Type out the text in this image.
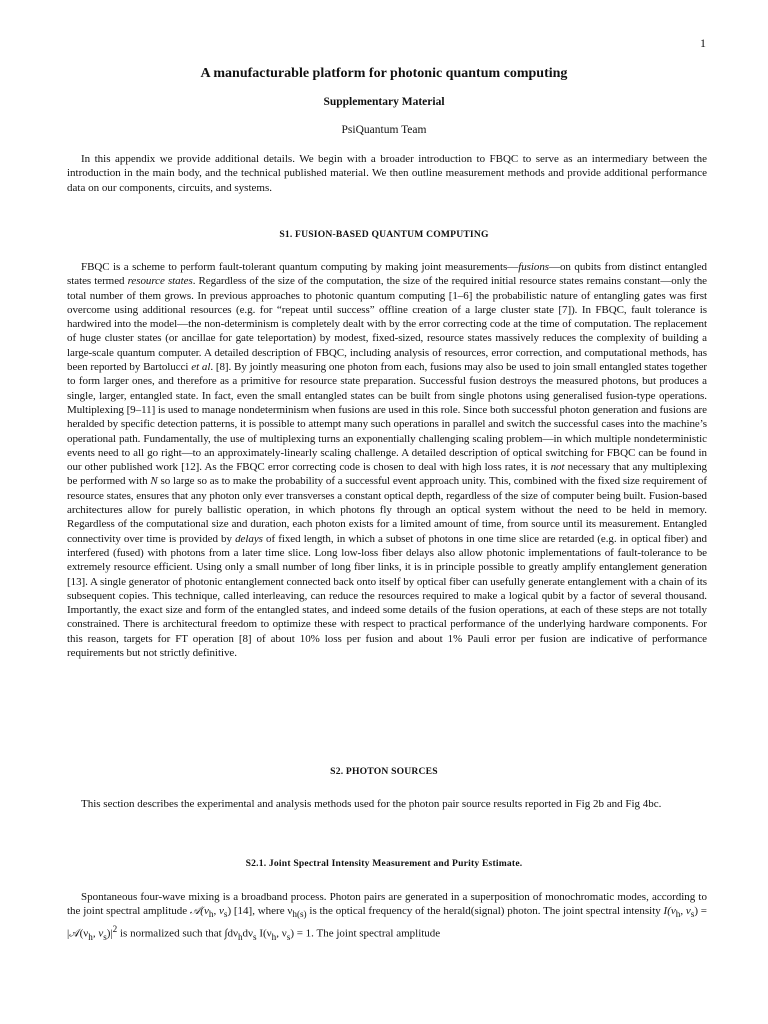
1
A manufacturable platform for photonic quantum computing
Supplementary Material
PsiQuantum Team

In this appendix we provide additional details. We begin with a broader introduction to FBQC to serve as an intermediary between the introduction in the main body, and the technical published material. We then outline measurement methods and provide additional performance data on our components, circuits, and systems.

S1. FUSION-BASED QUANTUM COMPUTING

FBQC is a scheme to perform fault-tolerant quantum computing by making joint measurements—fusions—on qubits from distinct entangled states termed resource states. Regardless of the size of the computation, the size of the required initial resource states remains constant—only the total number of them grows. In previous approaches to photonic quantum computing [1–6] the probabilistic nature of entangling gates was first overcome using additional resources (e.g. for “repeat until success” offline creation of a large cluster state [7]). In FBQC, fault tolerance is hardwired into the model—the non-determinism is completely dealt with by the error correcting code at the time of computation. The replacement of huge cluster states (or ancillae for gate teleportation) by modest, fixed-sized, resource states massively reduces the complexity of building a large-scale quantum computer. A detailed description of FBQC, including analysis of resources, error correction, and computational methods, has been reported by Bartolucci et al. [8]. By jointly measuring one photon from each, fusions may also be used to join small entangled states together to form larger ones, and therefore as a primitive for resource state preparation. Successful fusion destroys the measured photons, but produces a single, larger, entangled state. In fact, even the small entangled states can be built from single photons using generalised fusion-type operations. Multiplexing [9–11] is used to manage nondeterminism when fusions are used in this role. Since both successful photon generation and fusions are heralded by specific detection patterns, it is possible to attempt many such operations in parallel and switch the successful cases into the machine’s operational path. Fundamentally, the use of multiplexing turns an exponentially challenging scaling problem—in which multiple nondeterministic events need to all go right—to an approximately-linearly scaling challenge. A detailed description of optical switching for FBQC can be found in our other published work [12]. As the FBQC error correcting code is chosen to deal with high loss rates, it is not necessary that any multiplexing be performed with N so large so as to make the probability of a successful event approach unity. This, combined with the fixed size requirement of resource states, ensures that any photon only ever transverses a constant optical depth, regardless of the size of computer being built. Fusion-based architectures allow for purely ballistic operation, in which photons fly through an optical system without the need to be held in memory. Regardless of the computational size and duration, each photon exists for a limited amount of time, from source until its measurement. Entangled connectivity over time is provided by delays of fixed length, in which a subset of photons in one time slice are retarded (e.g. in optical fiber) and interfered (fused) with photons from a later time slice. Long low-loss fiber delays also allow photonic implementations of fault-tolerance to be extremely resource efficient. Using only a small number of long fiber links, it is in principle possible to greatly amplify entanglement generation [13]. A single generator of photonic entanglement connected back onto itself by optical fiber can usefully generate entanglement with a chain of its subsequent copies. This technique, called interleaving, can reduce the resources required to make a logical qubit by a factor of several thousand. Importantly, the exact size and form of the entangled states, and indeed some details of the fusion operations, at each of these steps are not totally constrained. There is architectural freedom to optimize these with respect to practical performance of the underlying hardware components. For this reason, targets for FT operation [8] of about 10% loss per fusion and about 1% Pauli error per fusion are indicative of performance requirements but not strictly definitive.

S2. PHOTON SOURCES

This section describes the experimental and analysis methods used for the photon pair source results reported in Fig 2b and Fig 4bc.

S2.1. Joint Spectral Intensity Measurement and Purity Estimate.

Spontaneous four-wave mixing is a broadband process. Photon pairs are generated in a superposition of monochromatic modes, according to the joint spectral amplitude $𝒜(\nu_h$, $\nu_s$) [14], where $\nu_{h(s)}$ is the optical frequency of the herald(signal) photon. The joint spectral intensity $I(\nu_h$, $\nu_s$) = $|𝒜(\nu_h$, $\nu_s)|^2$ is normalized such that $\int d\nu_hd\nu_s$ $I(\nu_h$, $\nu_s) = 1$. The joint spectral amplitude
